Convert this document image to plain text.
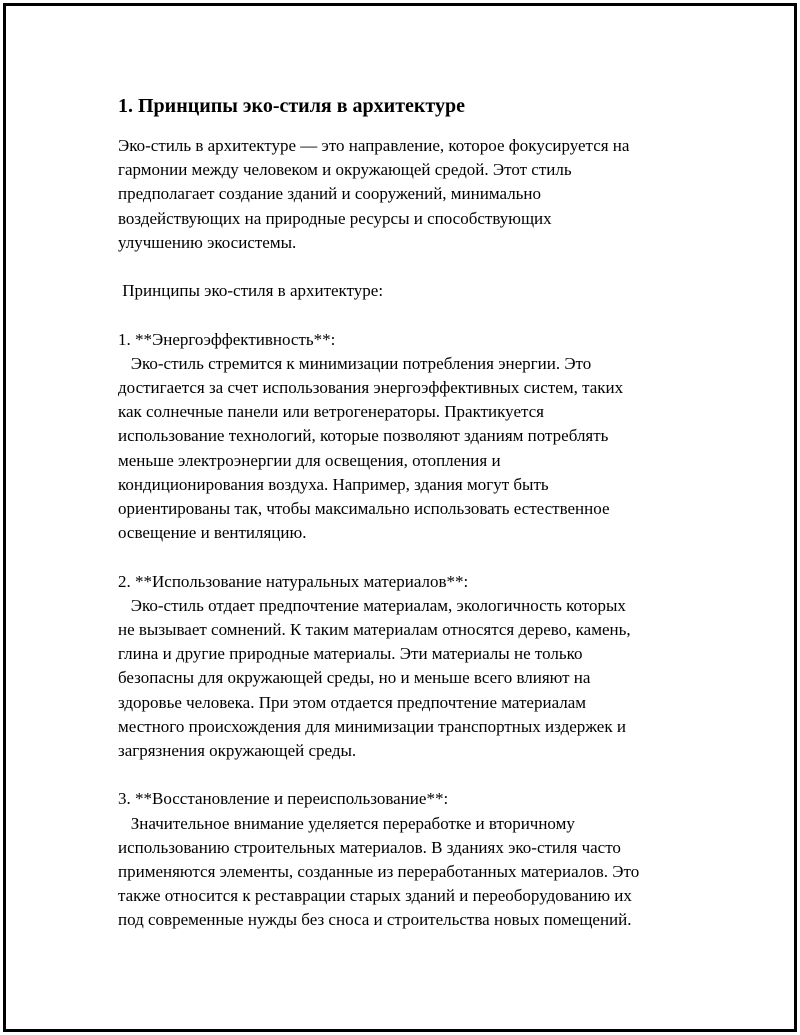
1. Принципы эко-стиля в архитектуре

Эко-стиль в архитектуре — это направление, которое фокусируется на
гармонии между человеком и окружающей средой. Этот стиль
предполагает создание зданий и сооружений, минимально
воздействующих на природные ресурсы и способствующих
улучшению экосистемы.

Принципы эко-стиля в архитектуре:

1. **Энергоэффективность**:

Эко-стиль стремится к минимизации потребления энергии. Это
достигается за счет использования энергоэффективных систем, таких
как солнечные панели или ветрогенераторы. Практикуется
использование технологий, которые позволяют зданиям потреблять
меньше электроэнергии для освещения, отопления и
кондиционирования воздуха. Например, здания могут быть
ориентированы так, чтобы максимально использовать естественное
освещение и вентиляцию.

2. **Использование натуральных материалов**:

Эко-стиль отдает предпочтение материалам, экологичность которых
не вызывает сомнений. К таким материалам относятся дерево, камень,
глина и другие природные материалы. Эти материалы не только
безопасны для окружающей среды, но и меньше всего влияют на
здоровье человека. При этом отдается предпочтение материалам
местного происхождения для минимизации транспортных издержек и
загрязнения окружающей среды.

3. **Восстановление и переиспользование**:

Значительное внимание уделяется переработке и вторичному
использованию строительных материалов. В зданиях эко-стиля часто
применяются элементы, созданные из переработанных материалов. Это
также относится к реставрации старых зданий и переоборудованию их
под современные нужды без сноса и строительства новых помещений.
